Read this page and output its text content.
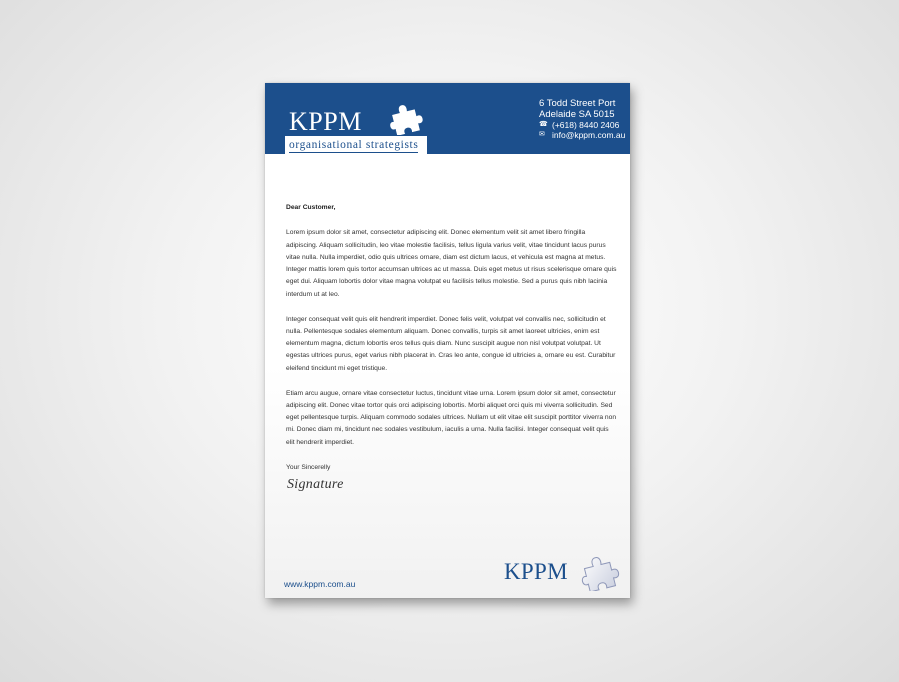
KPPM
organisational strategists
6 Todd Street Port
Adelaide SA 5015
☎ (+618) 8440 2406
✉ info@kppm.com.au

Dear Customer,

Lorem ipsum dolor sit amet, consectetur adipiscing elit. Donec elementum velit sit amet libero fringilla adipiscing. Aliquam sollicitudin, leo vitae molestie facilisis, tellus ligula varius velit, vitae tincidunt lacus purus vitae nulla. Nulla imperdiet, odio quis ultrices ornare, diam est dictum lacus, et vehicula est magna at metus. Integer mattis lorem quis tortor accumsan ultrices ac ut massa. Duis eget metus ut risus scelerisque ornare quis eget dui. Aliquam lobortis dolor vitae magna volutpat eu facilisis tellus molestie. Sed a purus quis nibh lacinia interdum ut at leo.

Integer consequat velit quis elit hendrerit imperdiet. Donec felis velit, volutpat vel convallis nec, sollicitudin et nulla. Pellentesque sodales elementum aliquam. Donec convallis, turpis sit amet laoreet ultricies, enim est elementum magna, dictum lobortis eros tellus quis diam. Nunc suscipit augue non nisl volutpat volutpat. Ut egestas ultrices purus, eget varius nibh placerat in. Cras leo ante, congue id ultricies a, ornare eu est. Curabitur eleifend tincidunt mi eget tristique.

Etiam arcu augue, ornare vitae consectetur luctus, tincidunt vitae urna. Lorem ipsum dolor sit amet, consectetur adipiscing elit. Donec vitae tortor quis orci adipiscing lobortis. Morbi aliquet orci quis mi viverra sollicitudin. Sed eget pellentesque turpis. Aliquam commodo sodales ultrices. Nullam ut elit vitae elit suscipit porttitor viverra non mi. Donec diam mi, tincidunt nec sodales vestibulum, iaculis a urna. Nulla facilisi. Integer consequat velit quis elit hendrerit imperdiet.

Your Sincerelly

Signature
www.kppm.com.au	KPPM
